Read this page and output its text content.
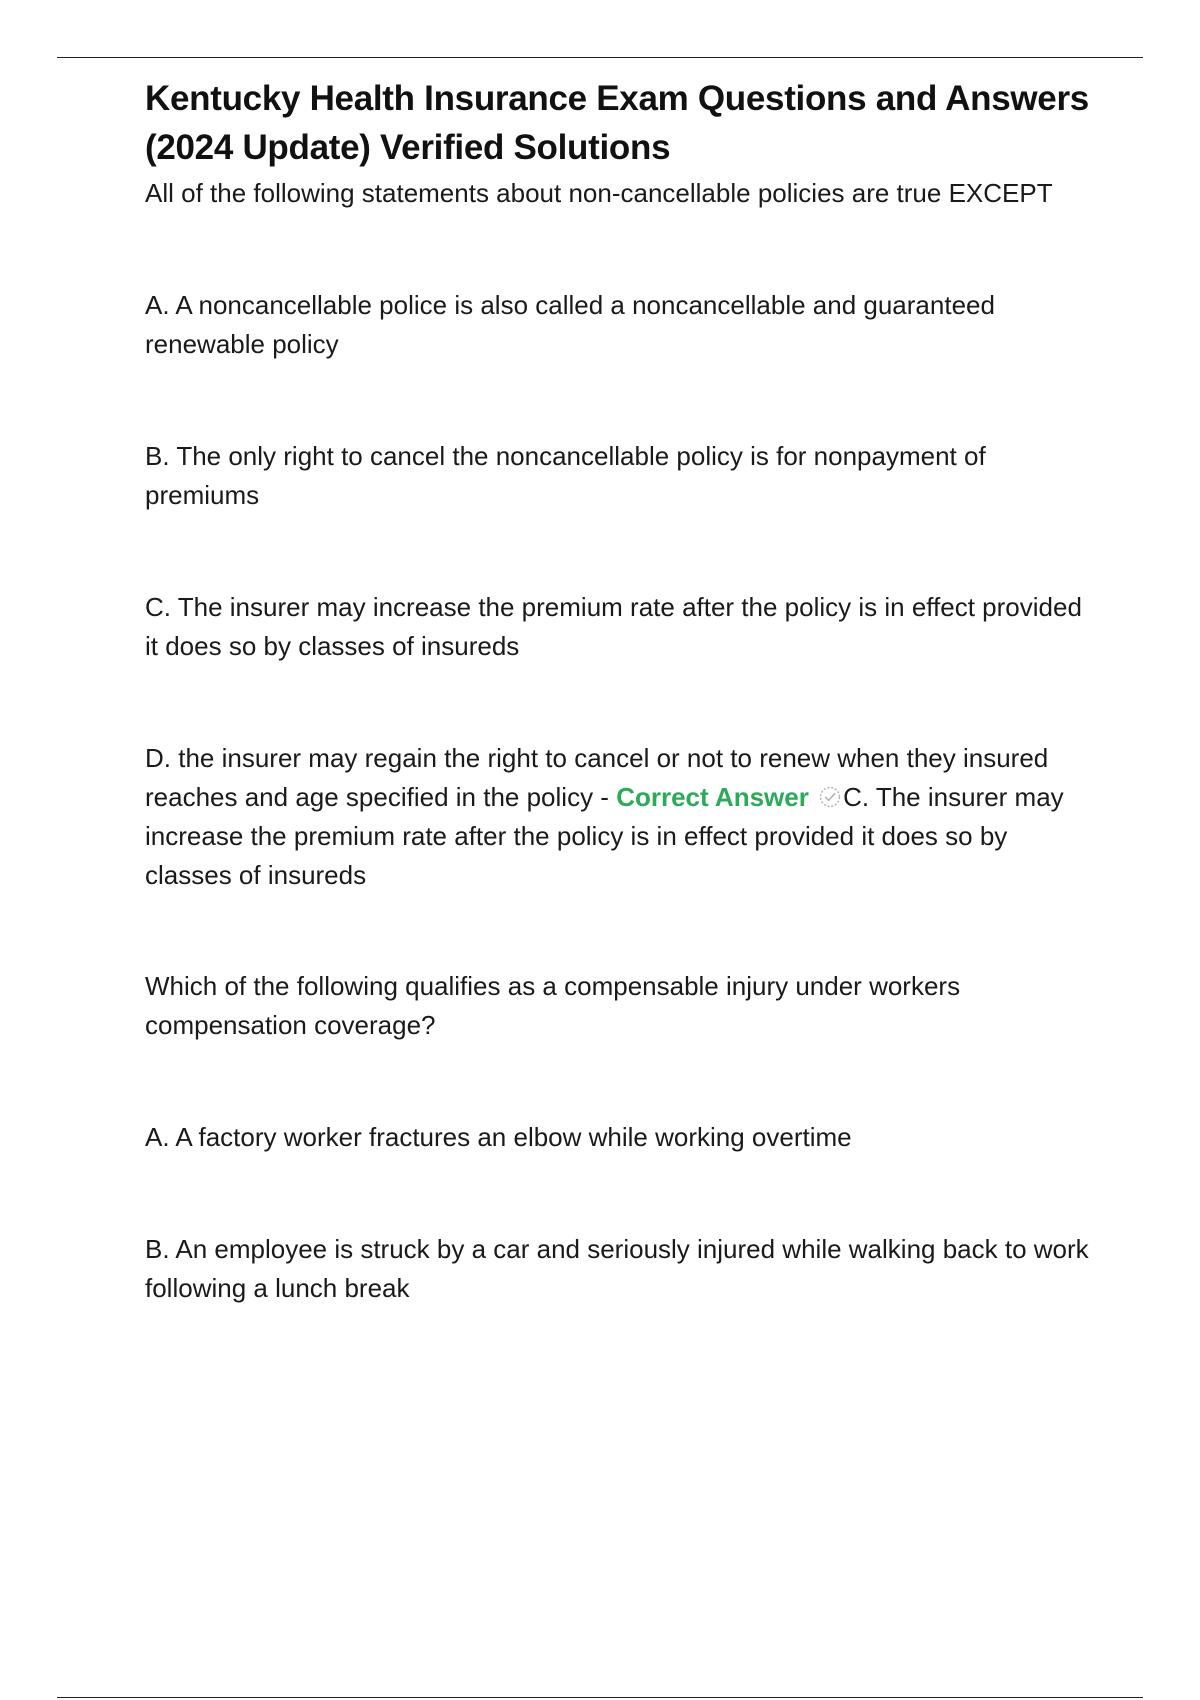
Kentucky Health Insurance Exam Questions and Answers (2024 Update) Verified Solutions

All of the following statements about non-cancellable policies are true EXCEPT

A. A noncancellable police is also called a noncancellable and guaranteed renewable policy

B. The only right to cancel the noncancellable policy is for nonpayment of premiums

C. The insurer may increase the premium rate after the policy is in effect provided it does so by classes of insureds

D. the insurer may regain the right to cancel or not to renew when they insured reaches and age specified in the policy - Correct Answer C. The insurer may increase the premium rate after the policy is in effect provided it does so by classes of insureds

Which of the following qualifies as a compensable injury under workers compensation coverage?

A. A factory worker fractures an elbow while working overtime

B. An employee is struck by a car and seriously injured while walking back to work following a lunch break
